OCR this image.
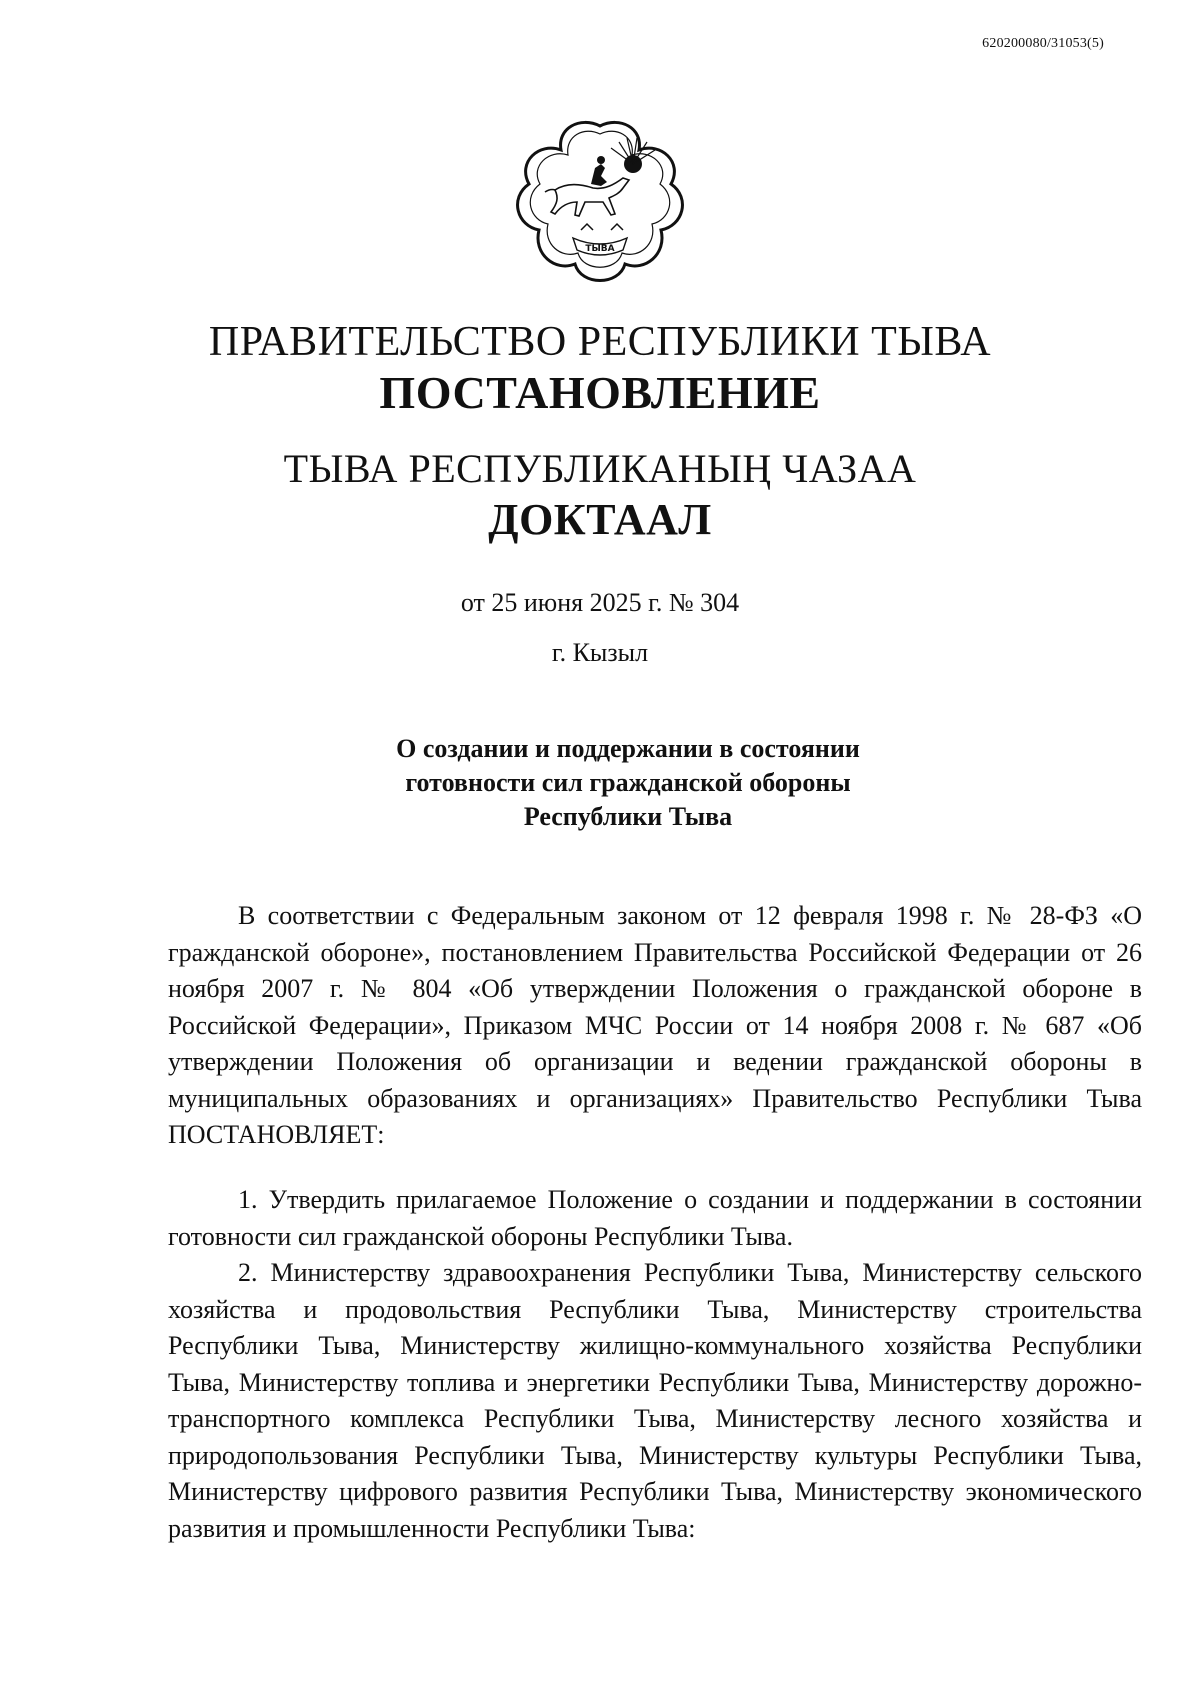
620200080/31053(5)
ТЫВА
ПРАВИТЕЛЬСТВО РЕСПУБЛИКИ ТЫВА
ПОСТАНОВЛЕНИЕ
ТЫВА РЕСПУБЛИКАНЫҢ ЧАЗАА
ДОКТААЛ
от 25 июня 2025 г. № 304
г. Кызыл
О создании и поддержании в состоянии
готовности сил гражданской обороны
Республики Тыва

В соответствии с Федеральным законом от 12 февраля 1998 г. № 28-ФЗ «О гражданской обороне», постановлением Правительства Российской Федерации от 26 ноября 2007 г. № 804 «Об утверждении Положения о гражданской обороне в Российской Федерации», Приказом МЧС России от 14 ноября 2008 г. № 687 «Об утверждении Положения об организации и ведении гражданской обороны в муниципальных образованиях и организациях» Правительство Республики Тыва ПОСТАНОВЛЯЕТ:

1. Утвердить прилагаемое Положение о создании и поддержании в состоянии готовности сил гражданской обороны Республики Тыва.

2. Министерству здравоохранения Республики Тыва, Министерству сельского хозяйства и продовольствия Республики Тыва, Министерству строительства Республики Тыва, Министерству жилищно-коммунального хозяйства Республики Тыва, Министерству топлива и энергетики Республики Тыва, Министерству дорожно-транспортного комплекса Республики Тыва, Министерству лесного хозяйства и природопользования Республики Тыва, Министерству культуры Республики Тыва, Министерству цифрового развития Республики Тыва, Министерству экономического развития и промышленности Республики Тыва:
